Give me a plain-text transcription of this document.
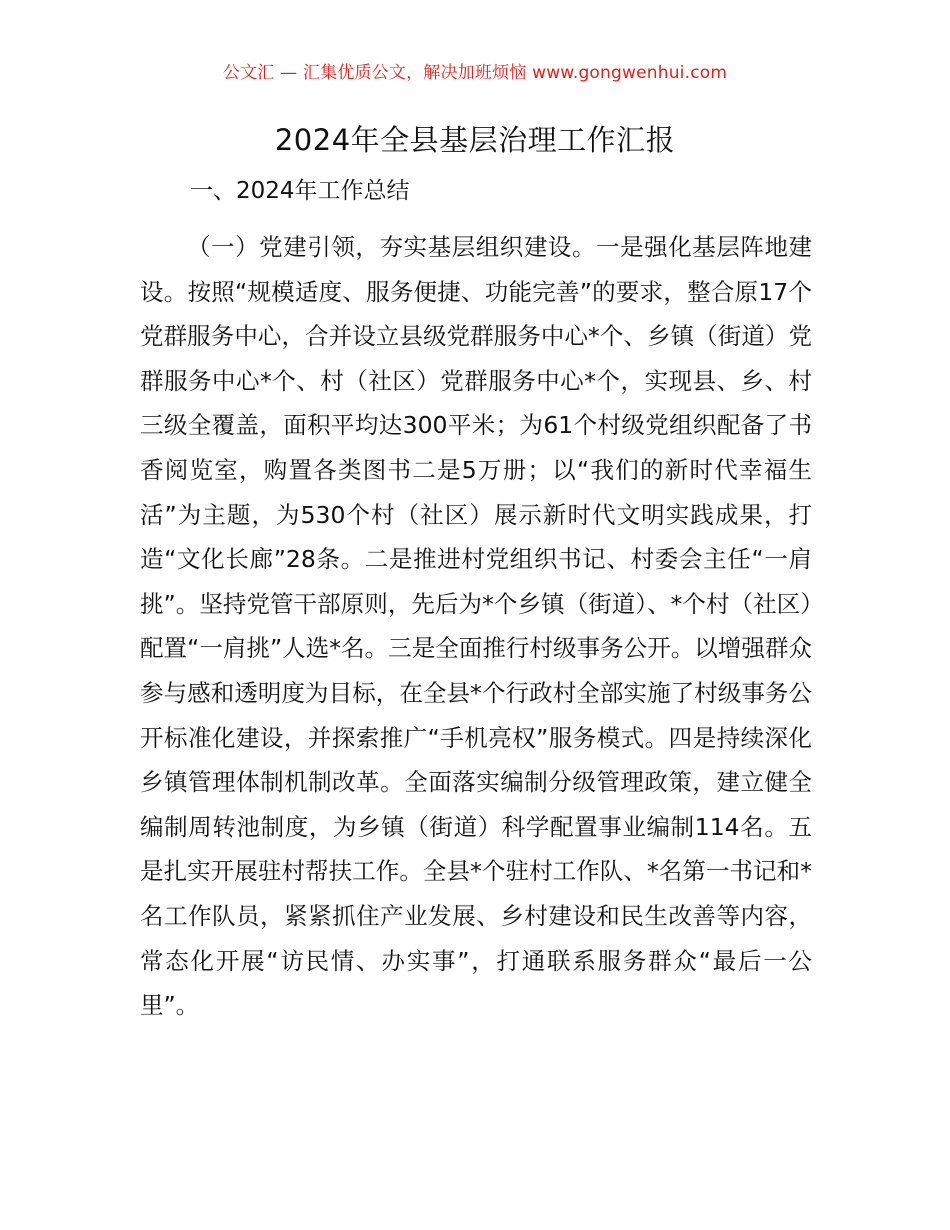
公文汇 — 汇集优质公文，解决加班烦恼 www.gongwenhui.com
2024年全县基层治理工作汇报
一、2024年工作总结

（一）党建引领，夯实基层组织建设。一是强化基层阵地建设。按照“规模适度、服务便捷、功能完善”的要求，整合原17个党群服务中心，合并设立县级党群服务中心*个、乡镇（街道）党群服务中心*个、村（社区）党群服务中心*个，实现县、乡、村三级全覆盖，面积平均达300平米；为61个村级党组织配备了书香阅览室，购置各类图书二是5万册；以“我们的新时代幸福生活”为主题，为530个村（社区）展示新时代文明实践成果，打造“文化长廊”28条。二是推进村党组织书记、村委会主任“一肩挑”。坚持党管干部原则，先后为*个乡镇（街道）、*个村（社区）配置“一肩挑”人选*名。三是全面推行村级事务公开。以增强群众参与感和透明度为目标，在全县*个行政村全部实施了村级事务公开标准化建设，并探索推广“手机亮权”服务模式。四是持续深化乡镇管理体制机制改革。全面落实编制分级管理政策，建立健全编制周转池制度，为乡镇（街道）科学配置事业编制114名。五是扎实开展驻村帮扶工作。全县*个驻村工作队、*名第一书记和*名工作队员，紧紧抓住产业发展、乡村建设和民生改善等内容，常态化开展“访民情、办实事”，打通联系服务群众“最后一公里”。
